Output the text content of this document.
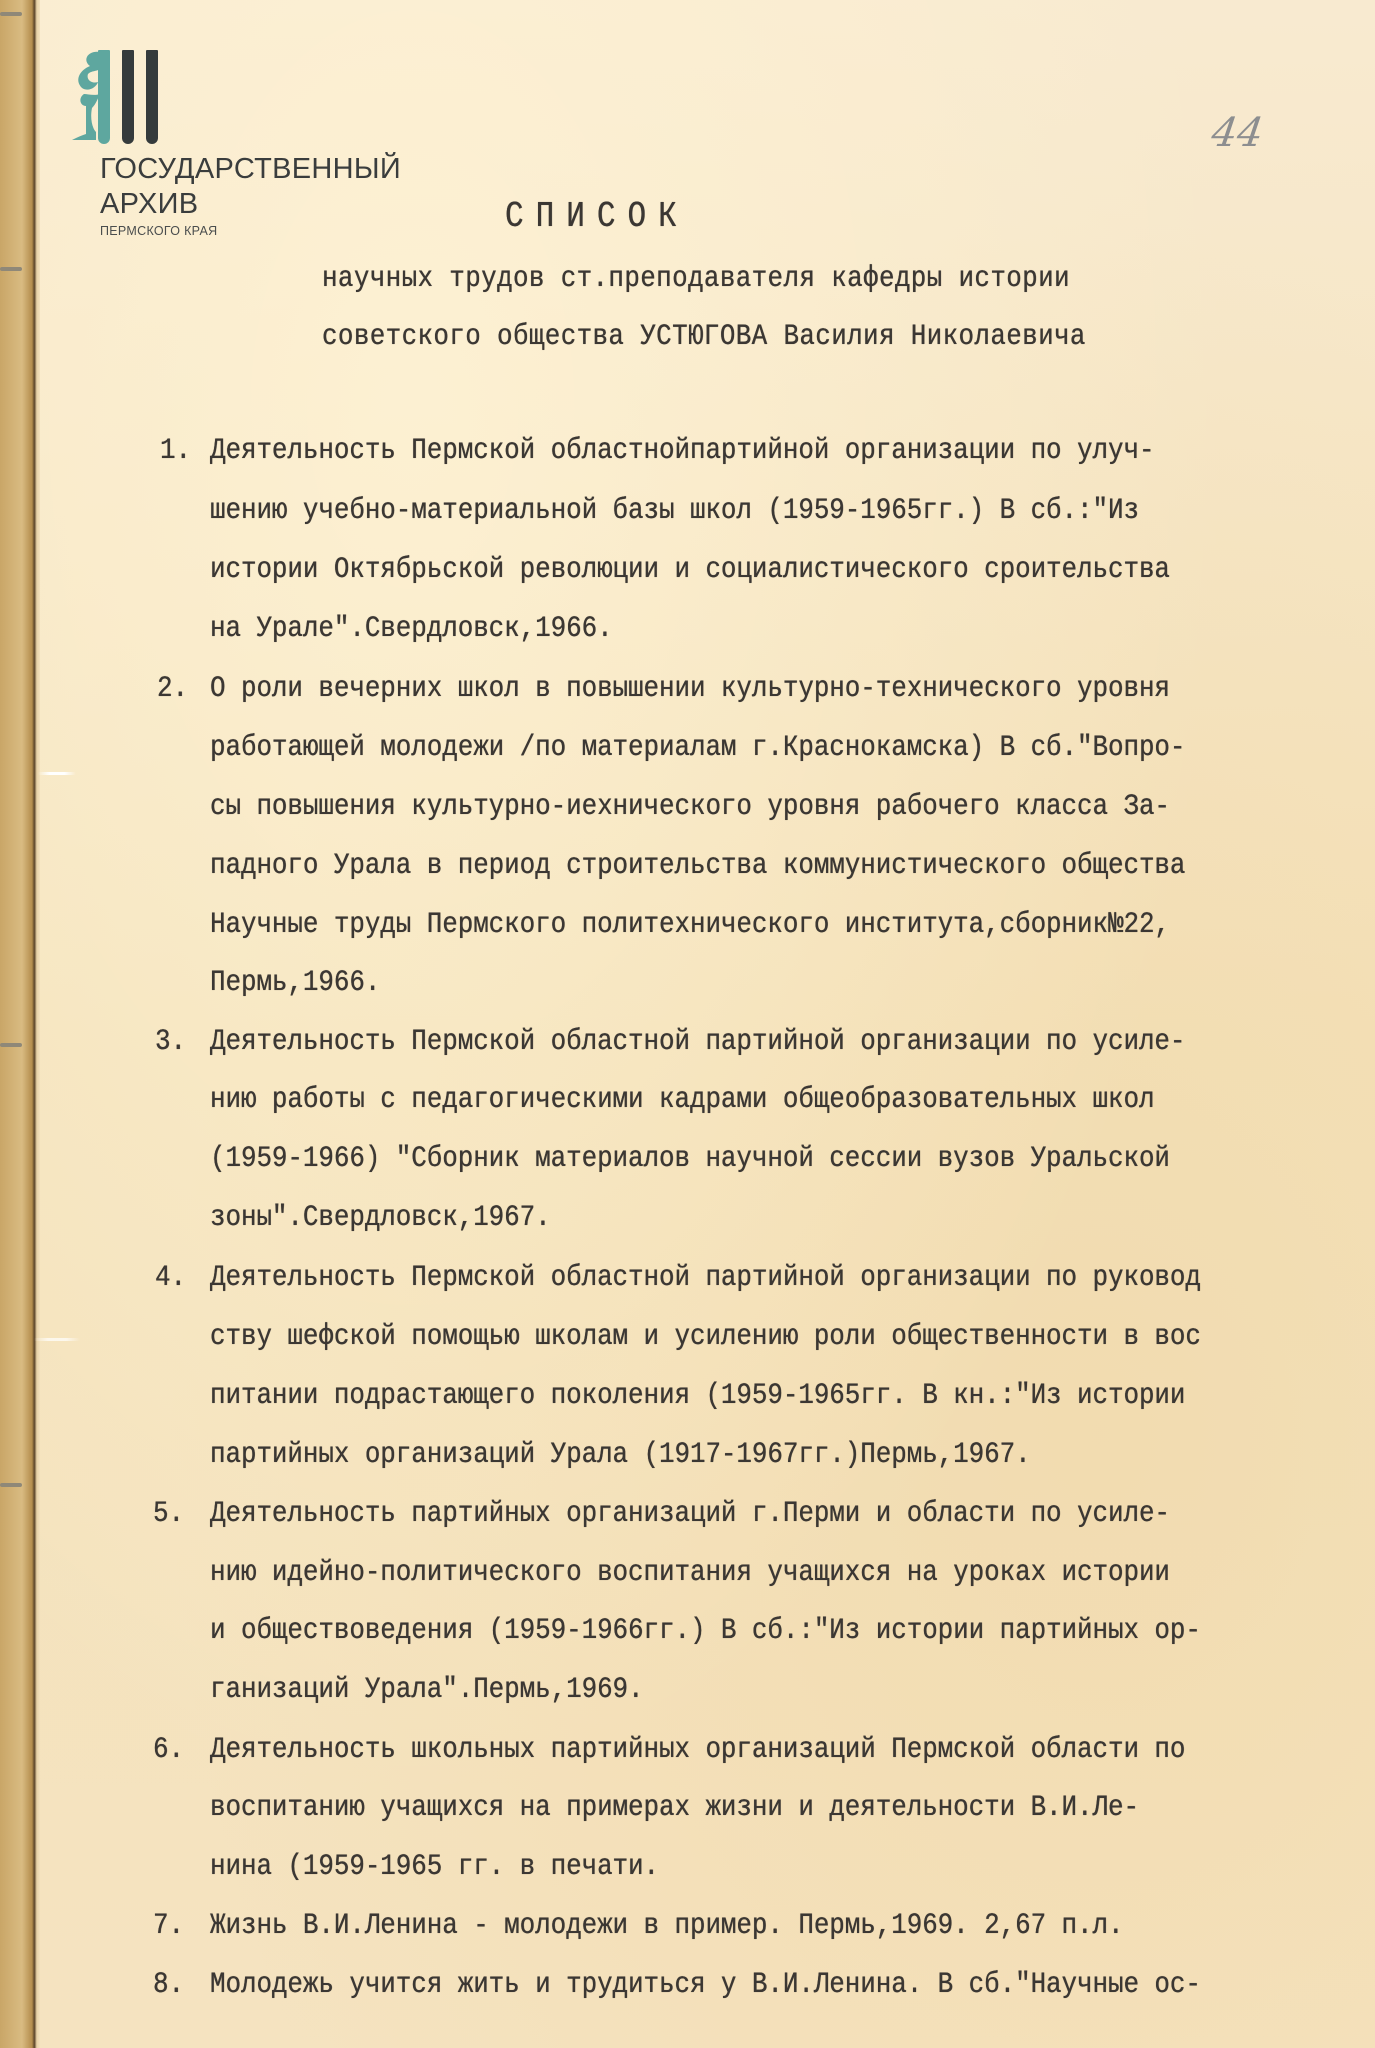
ГОСУДАРСТВЕННЫЙ
АРХИВ
ПЕРМСКОГО КРАЯ
44
СПИСОК
научных трудов ст.преподавателя кафедры истории
советского общества УСТЮГОВА Василия Николаевича
1. Деятельность Пермской областнойпартийной организации по улуч-
шению учебно-материальной базы школ (1959-1965гг.) В сб.:"Из
истории Октябрьской революции и социалистического сроительства
на Урале".Свердловск,1966.
2. О роли вечерних школ в повышении культурно-технического уровня
работающей молодежи /по материалам г.Краснокамска) В сб."Вопро-
сы повышения культурно-иехнического уровня рабочего класса За-
падного Урала в период строительства коммунистического общества
Научные труды Пермского политехнического института,сборник№22,
Пермь,1966.
3. Деятельность Пермской областной партийной организации по усиле-
нию работы с педагогическими кадрами общеобразовательных школ
(1959-1966) "Сборник материалов научной сессии вузов Уральской
зоны".Свердловск,1967.
4. Деятельность Пермской областной партийной организации по руковод
ству шефской помощью школам и усилению роли общественности в вос
питании подрастающего поколения (1959-1965гг. В кн.:"Из истории
партийных организаций Урала (1917-1967гг.)Пермь,1967.
5. Деятельность партийных организаций г.Перми и области по усиле-
нию идейно-политического воспитания учащихся на уроках истории
и обществоведения (1959-1966гг.) В сб.:"Из истории партийных ор-
ганизаций Урала".Пермь,1969.
6. Деятельность школьных партийных организаций Пермской области по
воспитанию учащихся на примерах жизни и деятельности В.И.Ле-
нина (1959-1965 гг. в печати.
7. Жизнь В.И.Ленина - молодежи в пример. Пермь,1969. 2,67 п.л.
8. Молодежь учится жить и трудиться у В.И.Ленина. В сб."Научные ос-
